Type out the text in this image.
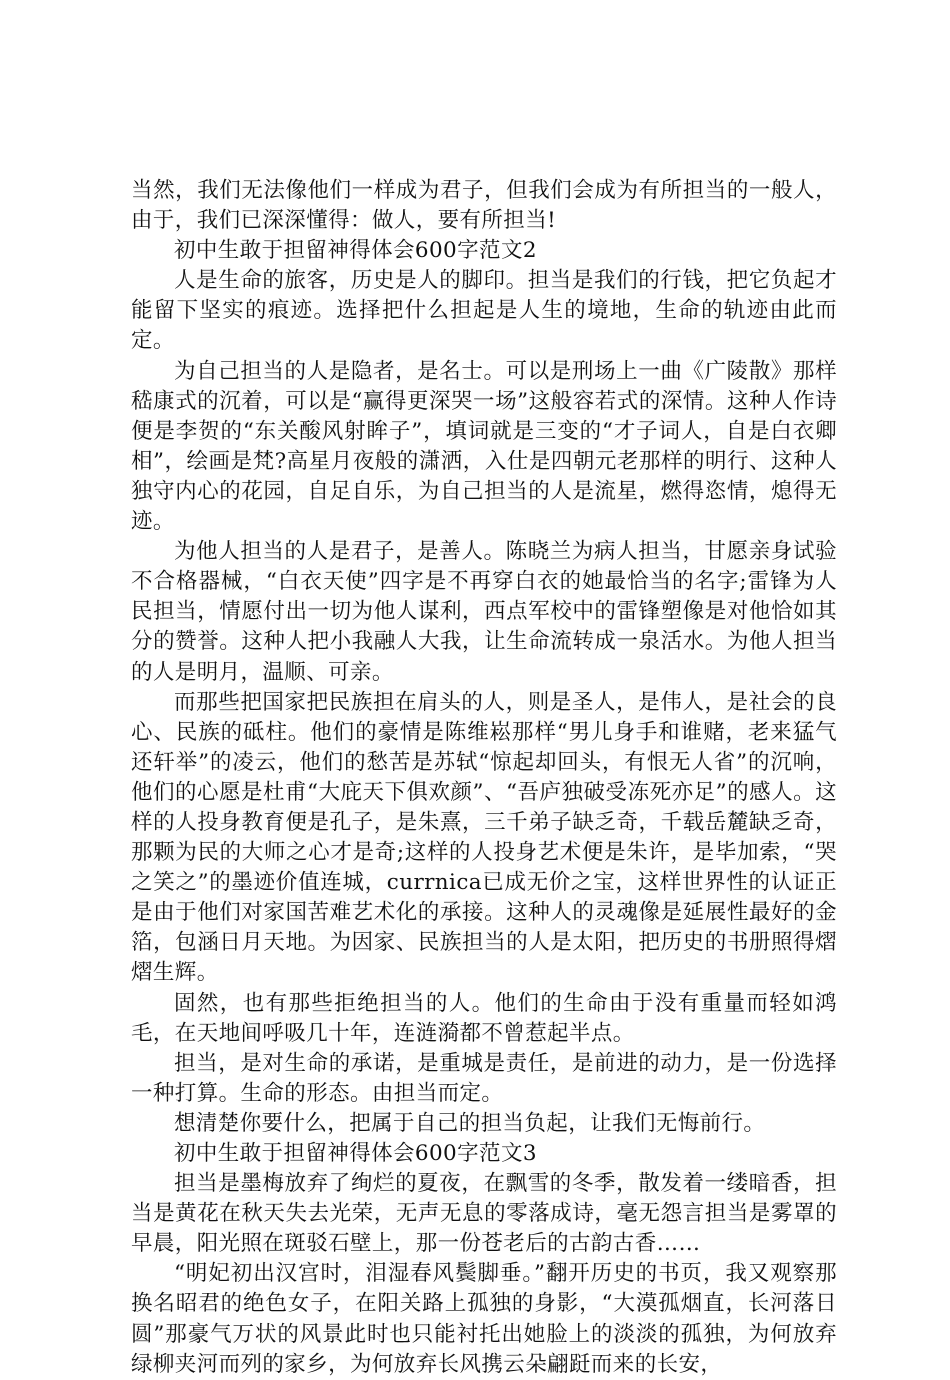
当然，我们无法像他们一样成为君子，但我们会成为有所担当的一般人，由于，我们已深深懂得：做人，要有所担当!

初中生敢于担留神得体会600字范文2

人是生命的旅客，历史是人的脚印。担当是我们的行钱，把它负起才能留下坚实的痕迹。选择把什么担起是人生的境地，生命的轨迹由此而定。

为自己担当的人是隐者，是名士。可以是刑场上一曲《广陵散》那样嵇康式的沉着，可以是“赢得更深哭一场”这般容若式的深情。这种人作诗便是李贺的“东关酸风射眸子”，填词就是三变的“才子词人，自是白衣卿相”，绘画是梵?高星月夜般的潇洒，入仕是四朝元老那样的明行、这种人独守内心的花园，自足自乐，为自己担当的人是流星，燃得恣情，熄得无迹。

为他人担当的人是君子，是善人。陈晓兰为病人担当，甘愿亲身试验不合格器械，“白衣天使”四字是不再穿白衣的她最恰当的名字;雷锋为人民担当，情愿付出一切为他人谋利，西点军校中的雷锋塑像是对他恰如其分的赞誉。这种人把小我融人大我，让生命流转成一泉活水。为他人担当的人是明月，温顺、可亲。

而那些把国家把民族担在肩头的人，则是圣人，是伟人，是社会的良心、民族的砥柱。他们的豪情是陈维崧那样“男儿身手和谁赌，老来猛气还轩举”的凌云，他们的愁苦是苏轼“惊起却回头，有恨无人省”的沉响，他们的心愿是杜甫“大庇天下俱欢颜”、“吾庐独破受冻死亦足”的感人。这样的人投身教育便是孔子，是朱熹，三千弟子缺乏奇，千载岳麓缺乏奇，那颗为民的大师之心才是奇;这样的人投身艺术便是朱许，是毕加索，“哭之笑之”的墨迹价值连城，currnica已成无价之宝，这样世界性的认证正是由于他们对家国苦难艺术化的承接。这种人的灵魂像是延展性最好的金箔，包涵日月天地。为因家、民族担当的人是太阳，把历史的书册照得熠熠生辉。

固然，也有那些拒绝担当的人。他们的生命由于没有重量而轻如鸿毛，在天地间呼吸几十年，连涟漪都不曾惹起半点。

担当，是对生命的承诺，是重城是责任，是前进的动力，是一份选择一种打算。生命的形态。由担当而定。

想清楚你要什么，把属于自己的担当负起，让我们无悔前行。

初中生敢于担留神得体会600字范文3

担当是墨梅放弃了绚烂的夏夜，在飘雪的冬季，散发着一缕暗香，担当是黄花在秋天失去光荣，无声无息的零落成诗，毫无怨言担当是雾罩的早晨，阳光照在斑驳石壁上，那一份苍老后的古韵古香……

“明妃初出汉宫时，泪湿春风鬓脚垂。”翻开历史的书页，我又观察那换名昭君的绝色女子，在阳关路上孤独的身影，“大漠孤烟直，长河落日圆”那豪气万状的风景此时也只能衬托出她脸上的淡淡的孤独，为何放弃绿柳夹河而列的家乡，为何放弃长风携云朵翩跹而来的长安，
